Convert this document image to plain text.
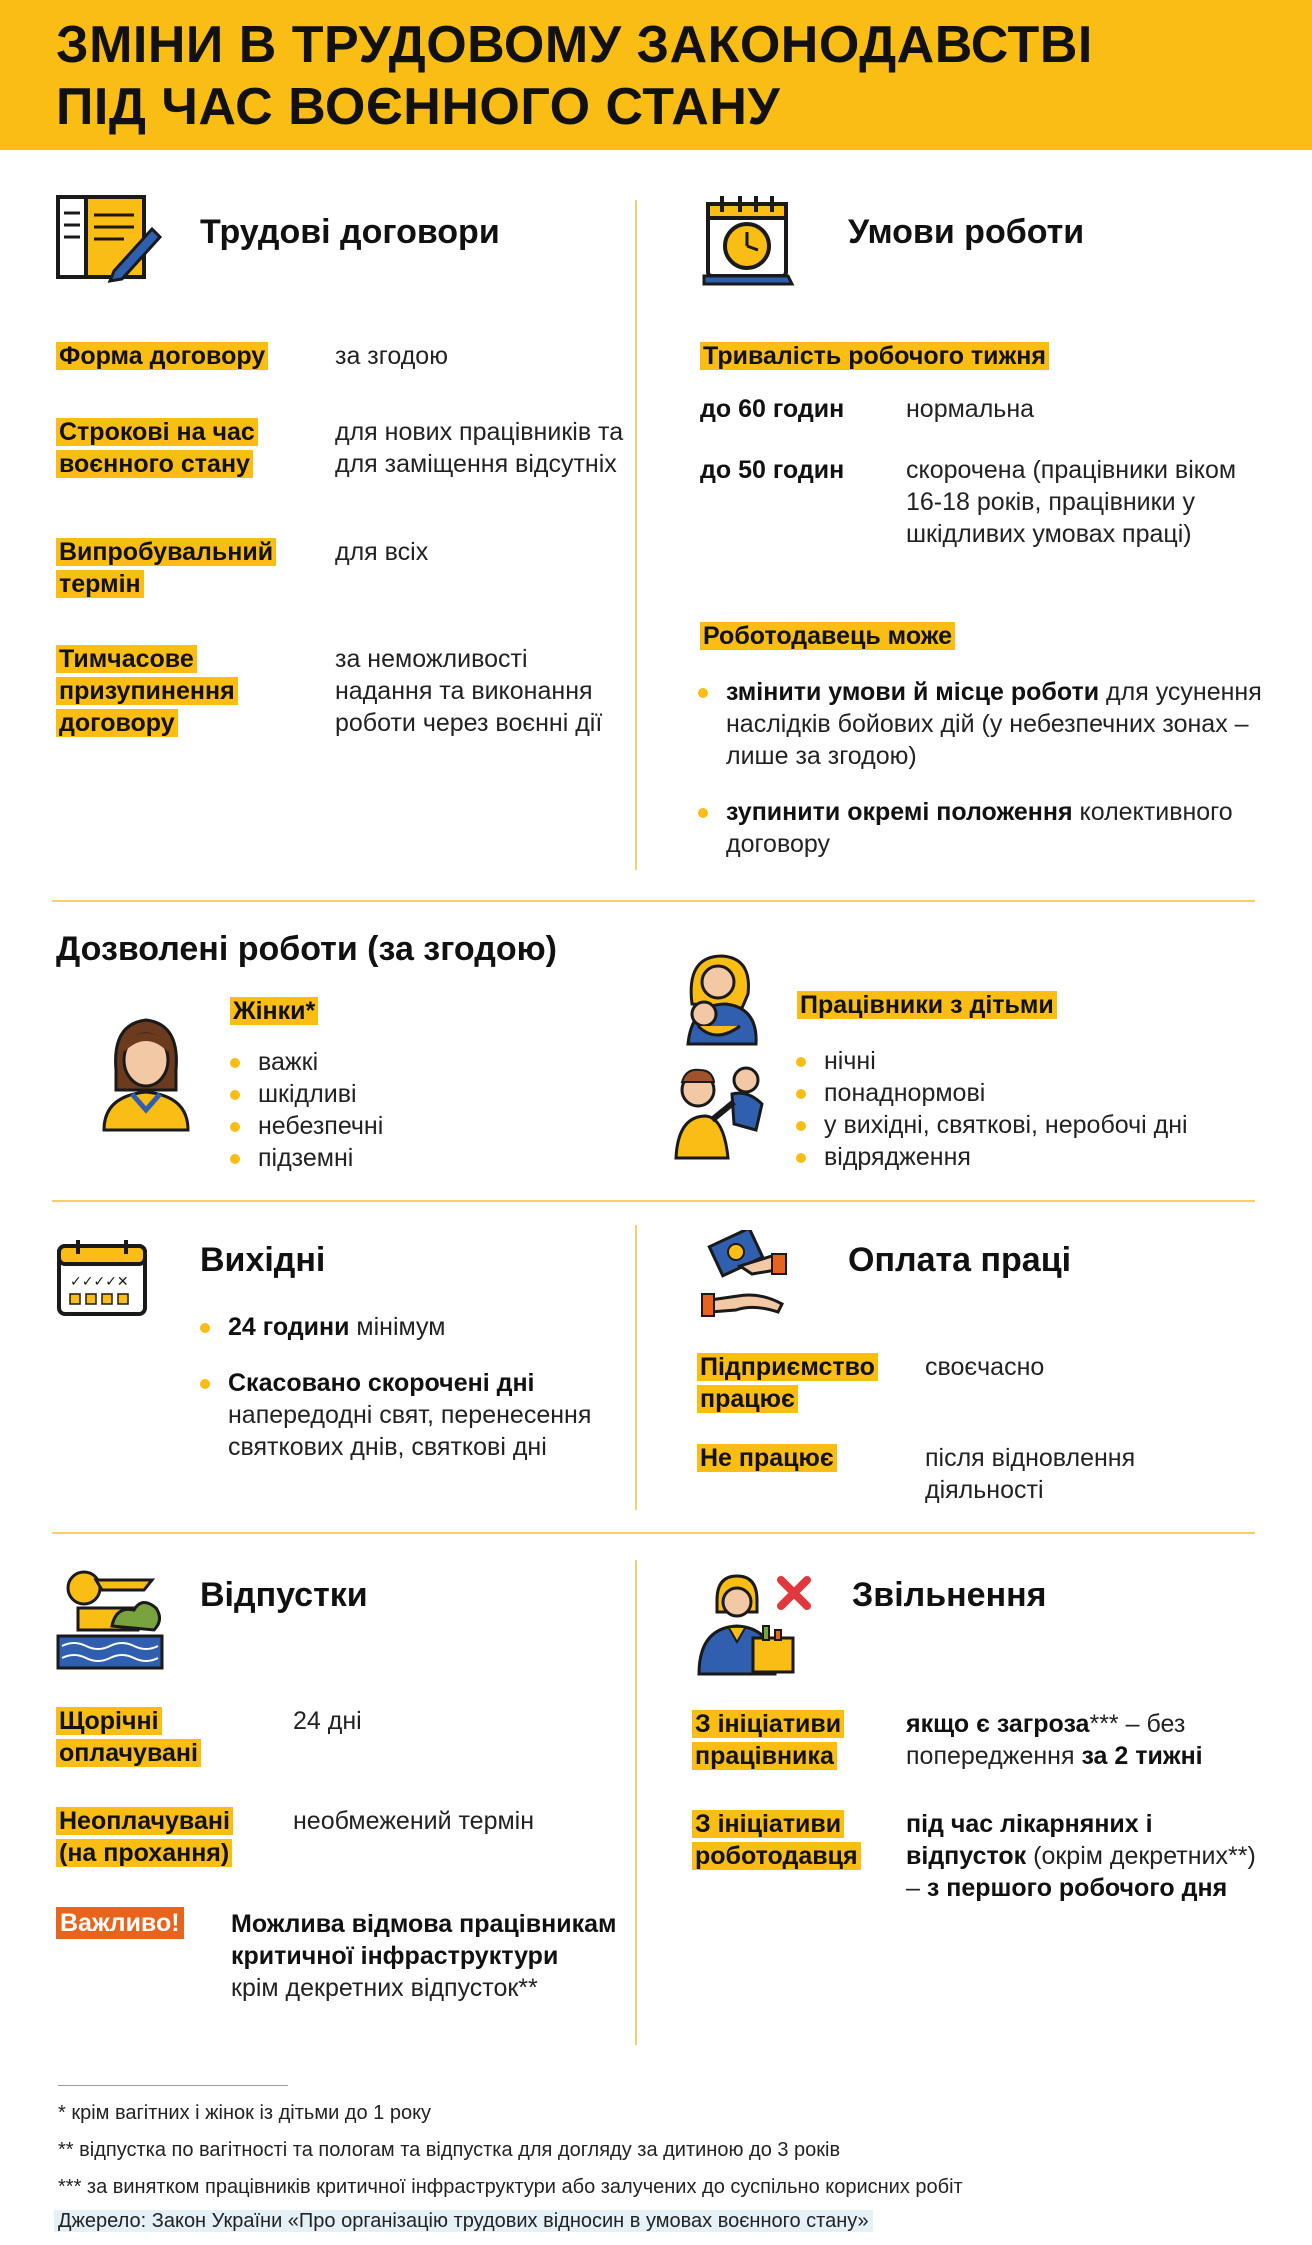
ЗМІНИ В ТРУДОВОМУ ЗАКОНОДАВСТВІ
ПІД ЧАС ВОЄННОГО СТАНУ
Трудові договори
Форма договору	за згодою
Строкові на час воєнного стану
для нових працівників та для заміщення відсутніх
Випробувальний термін
для всіх
Тимчасове призупинення договору
за неможливості надання та виконання роботи через воєнні дії
Умови роботи
Тривалість робочого тижня
до 60 годин нормальна
до 50 годин скорочена (працівники віком 16-18 років, працівники у шкідливих умовах праці)
Роботодавець може
змінити умови й місце роботи для усунення наслідків бойових дій (у небезпечних зонах – лише за згодою)
зупинити окремі положення колективного договору
Дозволені роботи (за згодою)
Жінки*
важкі
шкідливі
небезпечні
підземні
Працівники з дітьми
нічні
понаднормові
у вихідні, святкові, неробочі дні
відрядження
✓✓✓✓✕
Вихідні
24 години мінімум
Скасовано скорочені дні напередодні свят, перенесення святкових днів, святкові дні
Оплата праці
Підприємство працює
своєчасно
Не працює	після відновлення діяльності
Відпустки
Щорічні оплачувані
24 дні
Неоплачувані (на прохання)
необмежений термін
Важливо! Можлива відмова працівникам критичної інфраструктури
крім декретних відпусток**
Звільнення
З ініціативи працівника
якщо є загроза*** – без попередження за 2 тижні
З ініціативи роботодавця
під час лікарняних і відпусток (окрім декретних**) – з першого робочого дня
* крім вагітних і жінок із дітьми до 1 року
** відпустка по вагітності та пологам та відпустка для догляду за дитиною до 3 років
*** за винятком працівників критичної інфраструктури або залучених до суспільно корисних робіт
Джерело: Закон України «Про організацію трудових відносин в умовах воєнного стану»
